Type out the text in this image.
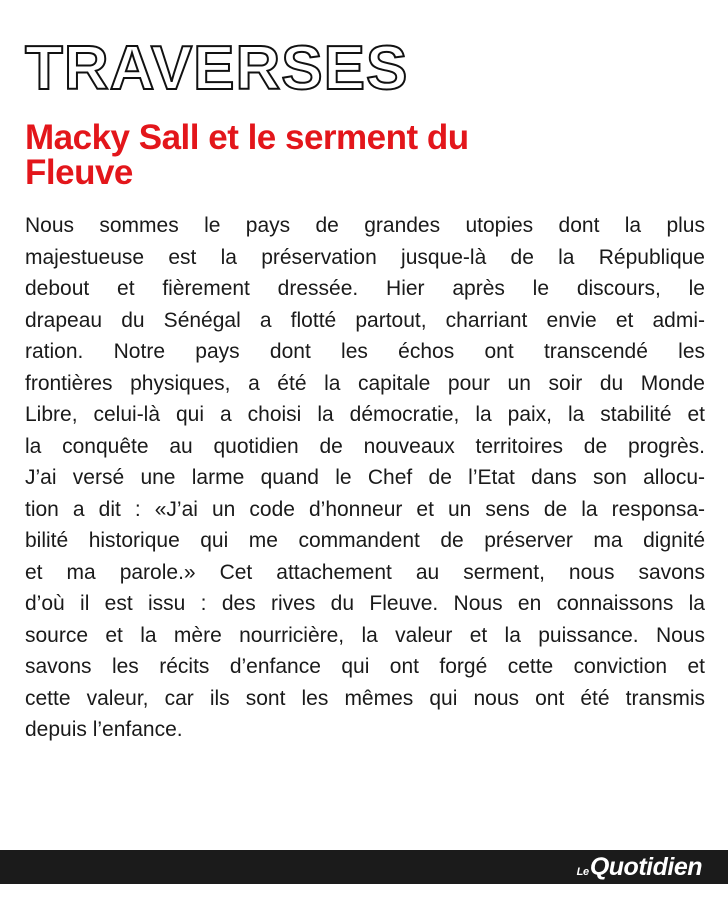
TRAVERSES
Macky Sall et le serment du
Fleuve

Nous sommes le pays de grandes utopies dont la plus
majestueuse est la préservation jusque-là de la République
debout et fièrement dressée. Hier après le discours, le
drapeau du Sénégal a flotté partout, charriant envie et admi-
ration. Notre pays dont les échos ont transcendé les
frontières physiques, a été la capitale pour un soir du Monde
Libre, celui-là qui a choisi la démocratie, la paix, la stabilité et
la conquête au quotidien de nouveaux territoires de progrès.
J’ai versé une larme quand le Chef de l’Etat dans son allocu-
tion a dit : «J’ai un code d’honneur et un sens de la responsa-
bilité historique qui me commandent de préserver ma dignité
et ma parole.» Cet attachement au serment, nous savons
d’où il est issu : des rives du Fleuve. Nous en connaissons la
source et la mère nourricière, la valeur et la puissance. Nous
savons les récits d’enfance qui ont forgé cette conviction et
cette valeur, car ils sont les mêmes qui nous ont été transmis
depuis l’enfance.

Le Quotidien
